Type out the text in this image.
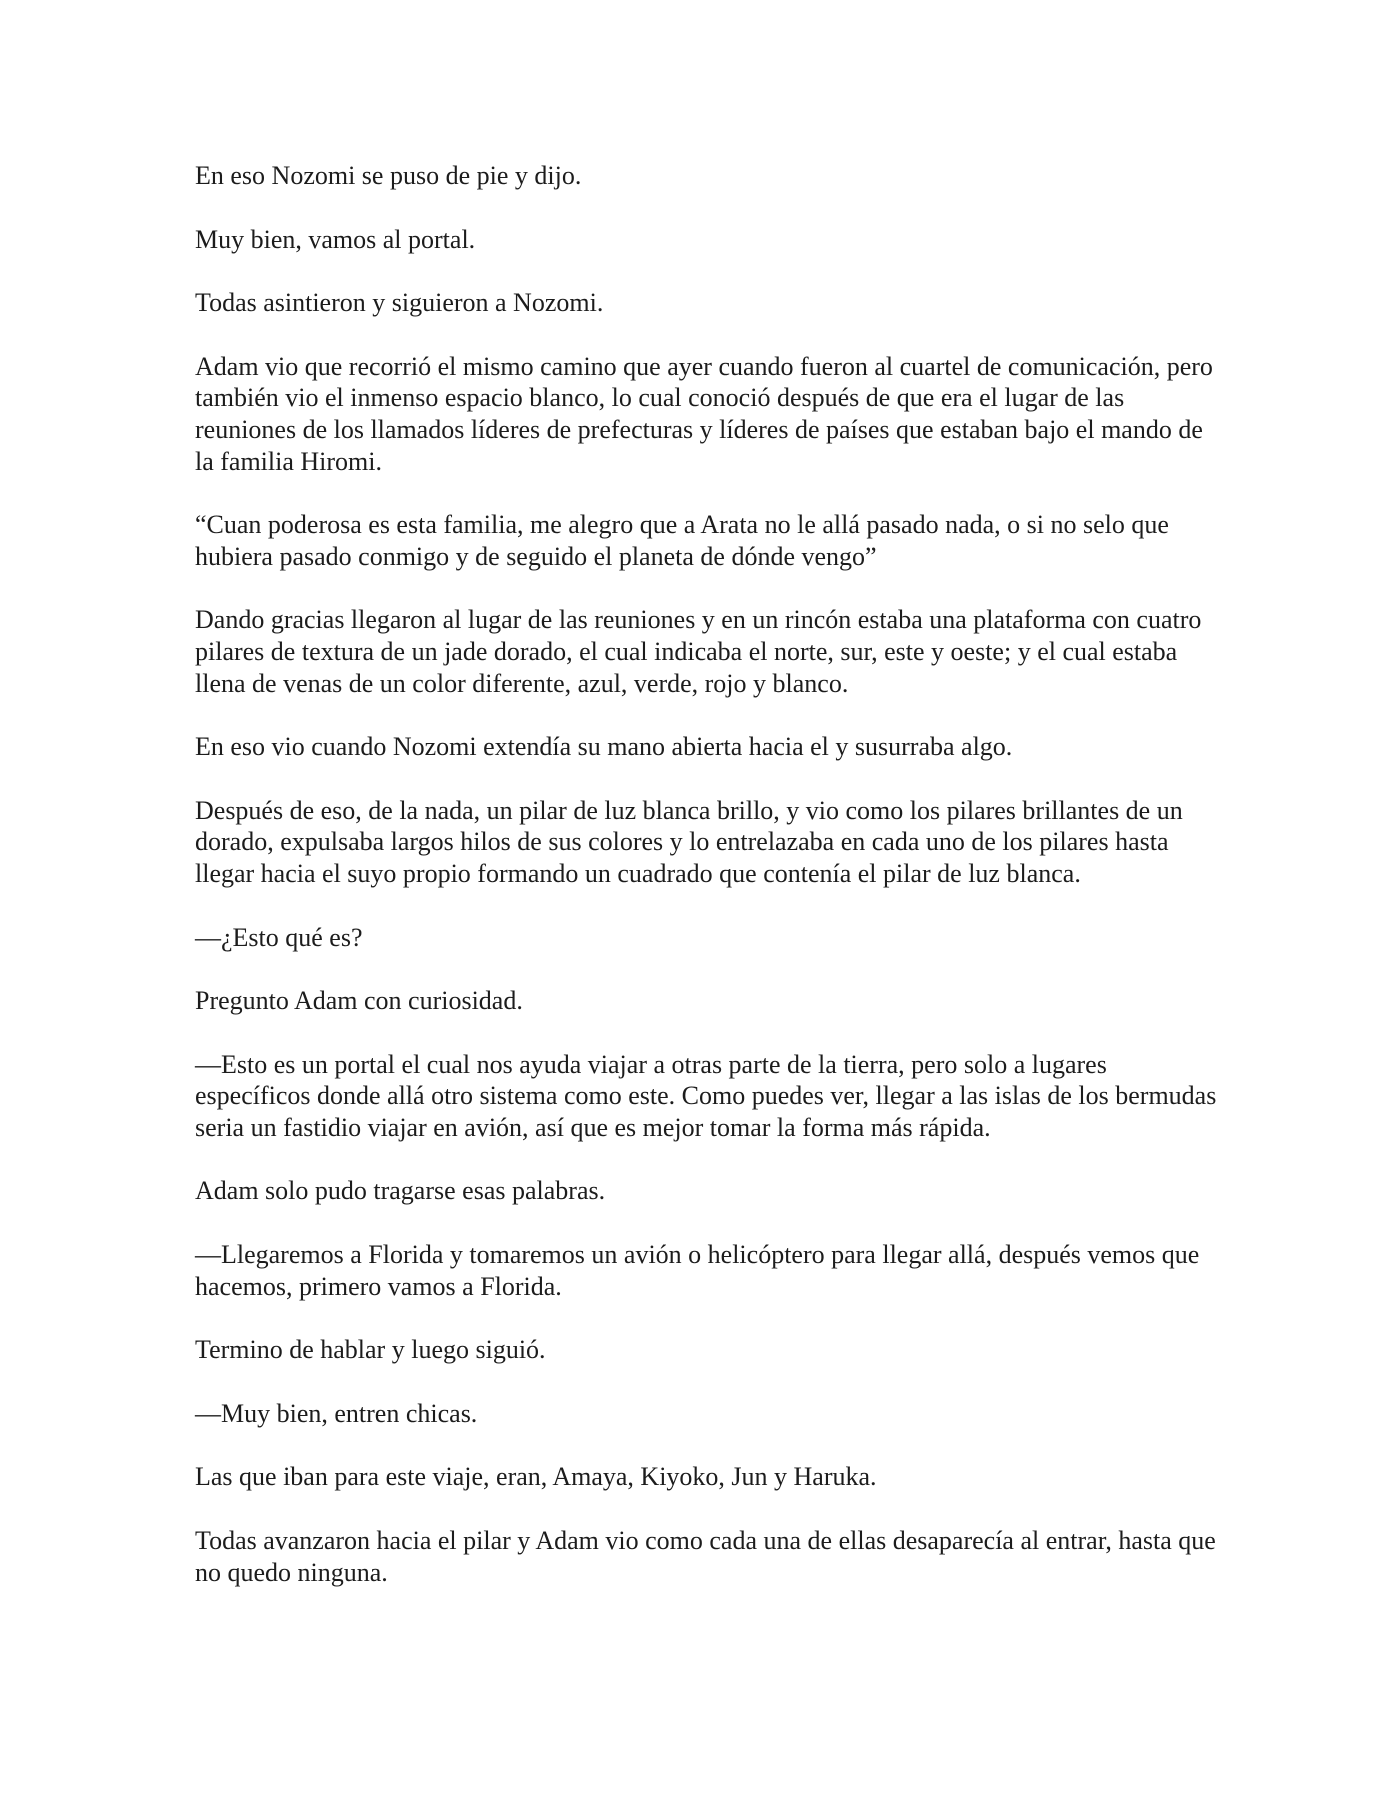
En eso Nozomi se puso de pie y dijo.

Muy bien, vamos al portal.

Todas asintieron y siguieron a Nozomi.

Adam vio que recorrió el mismo camino que ayer cuando fueron al cuartel de comunicación, pero también vio el inmenso espacio blanco, lo cual conoció después de que era el lugar de las reuniones de los llamados líderes de prefecturas y líderes de países que estaban bajo el mando de la familia Hiromi.

“Cuan poderosa es esta familia, me alegro que a Arata no le allá pasado nada, o si no selo que hubiera pasado conmigo y de seguido el planeta de dónde vengo”

Dando gracias llegaron al lugar de las reuniones y en un rincón estaba una plataforma con cuatro pilares de textura de un jade dorado, el cual indicaba el norte, sur, este y oeste; y el cual estaba llena de venas de un color diferente, azul, verde, rojo y blanco.

En eso vio cuando Nozomi extendía su mano abierta hacia el y susurraba algo.

Después de eso, de la nada, un pilar de luz blanca brillo, y vio como los pilares brillantes de un dorado, expulsaba largos hilos de sus colores y lo entrelazaba en cada uno de los pilares hasta llegar hacia el suyo propio formando un cuadrado que contenía el pilar de luz blanca.

—¿Esto qué es?

Pregunto Adam con curiosidad.

—Esto es un portal el cual nos ayuda viajar a otras parte de la tierra, pero solo a lugares específicos donde allá otro sistema como este. Como puedes ver, llegar a las islas de los bermudas seria un fastidio viajar en avión, así que es mejor tomar la forma más rápida.

Adam solo pudo tragarse esas palabras.

—Llegaremos a Florida y tomaremos un avión o helicóptero para llegar allá, después vemos que hacemos, primero vamos a Florida.

Termino de hablar y luego siguió.

—Muy bien, entren chicas.

Las que iban para este viaje, eran, Amaya, Kiyoko, Jun y Haruka.

Todas avanzaron hacia el pilar y Adam vio como cada una de ellas desaparecía al entrar, hasta que no quedo ninguna.
